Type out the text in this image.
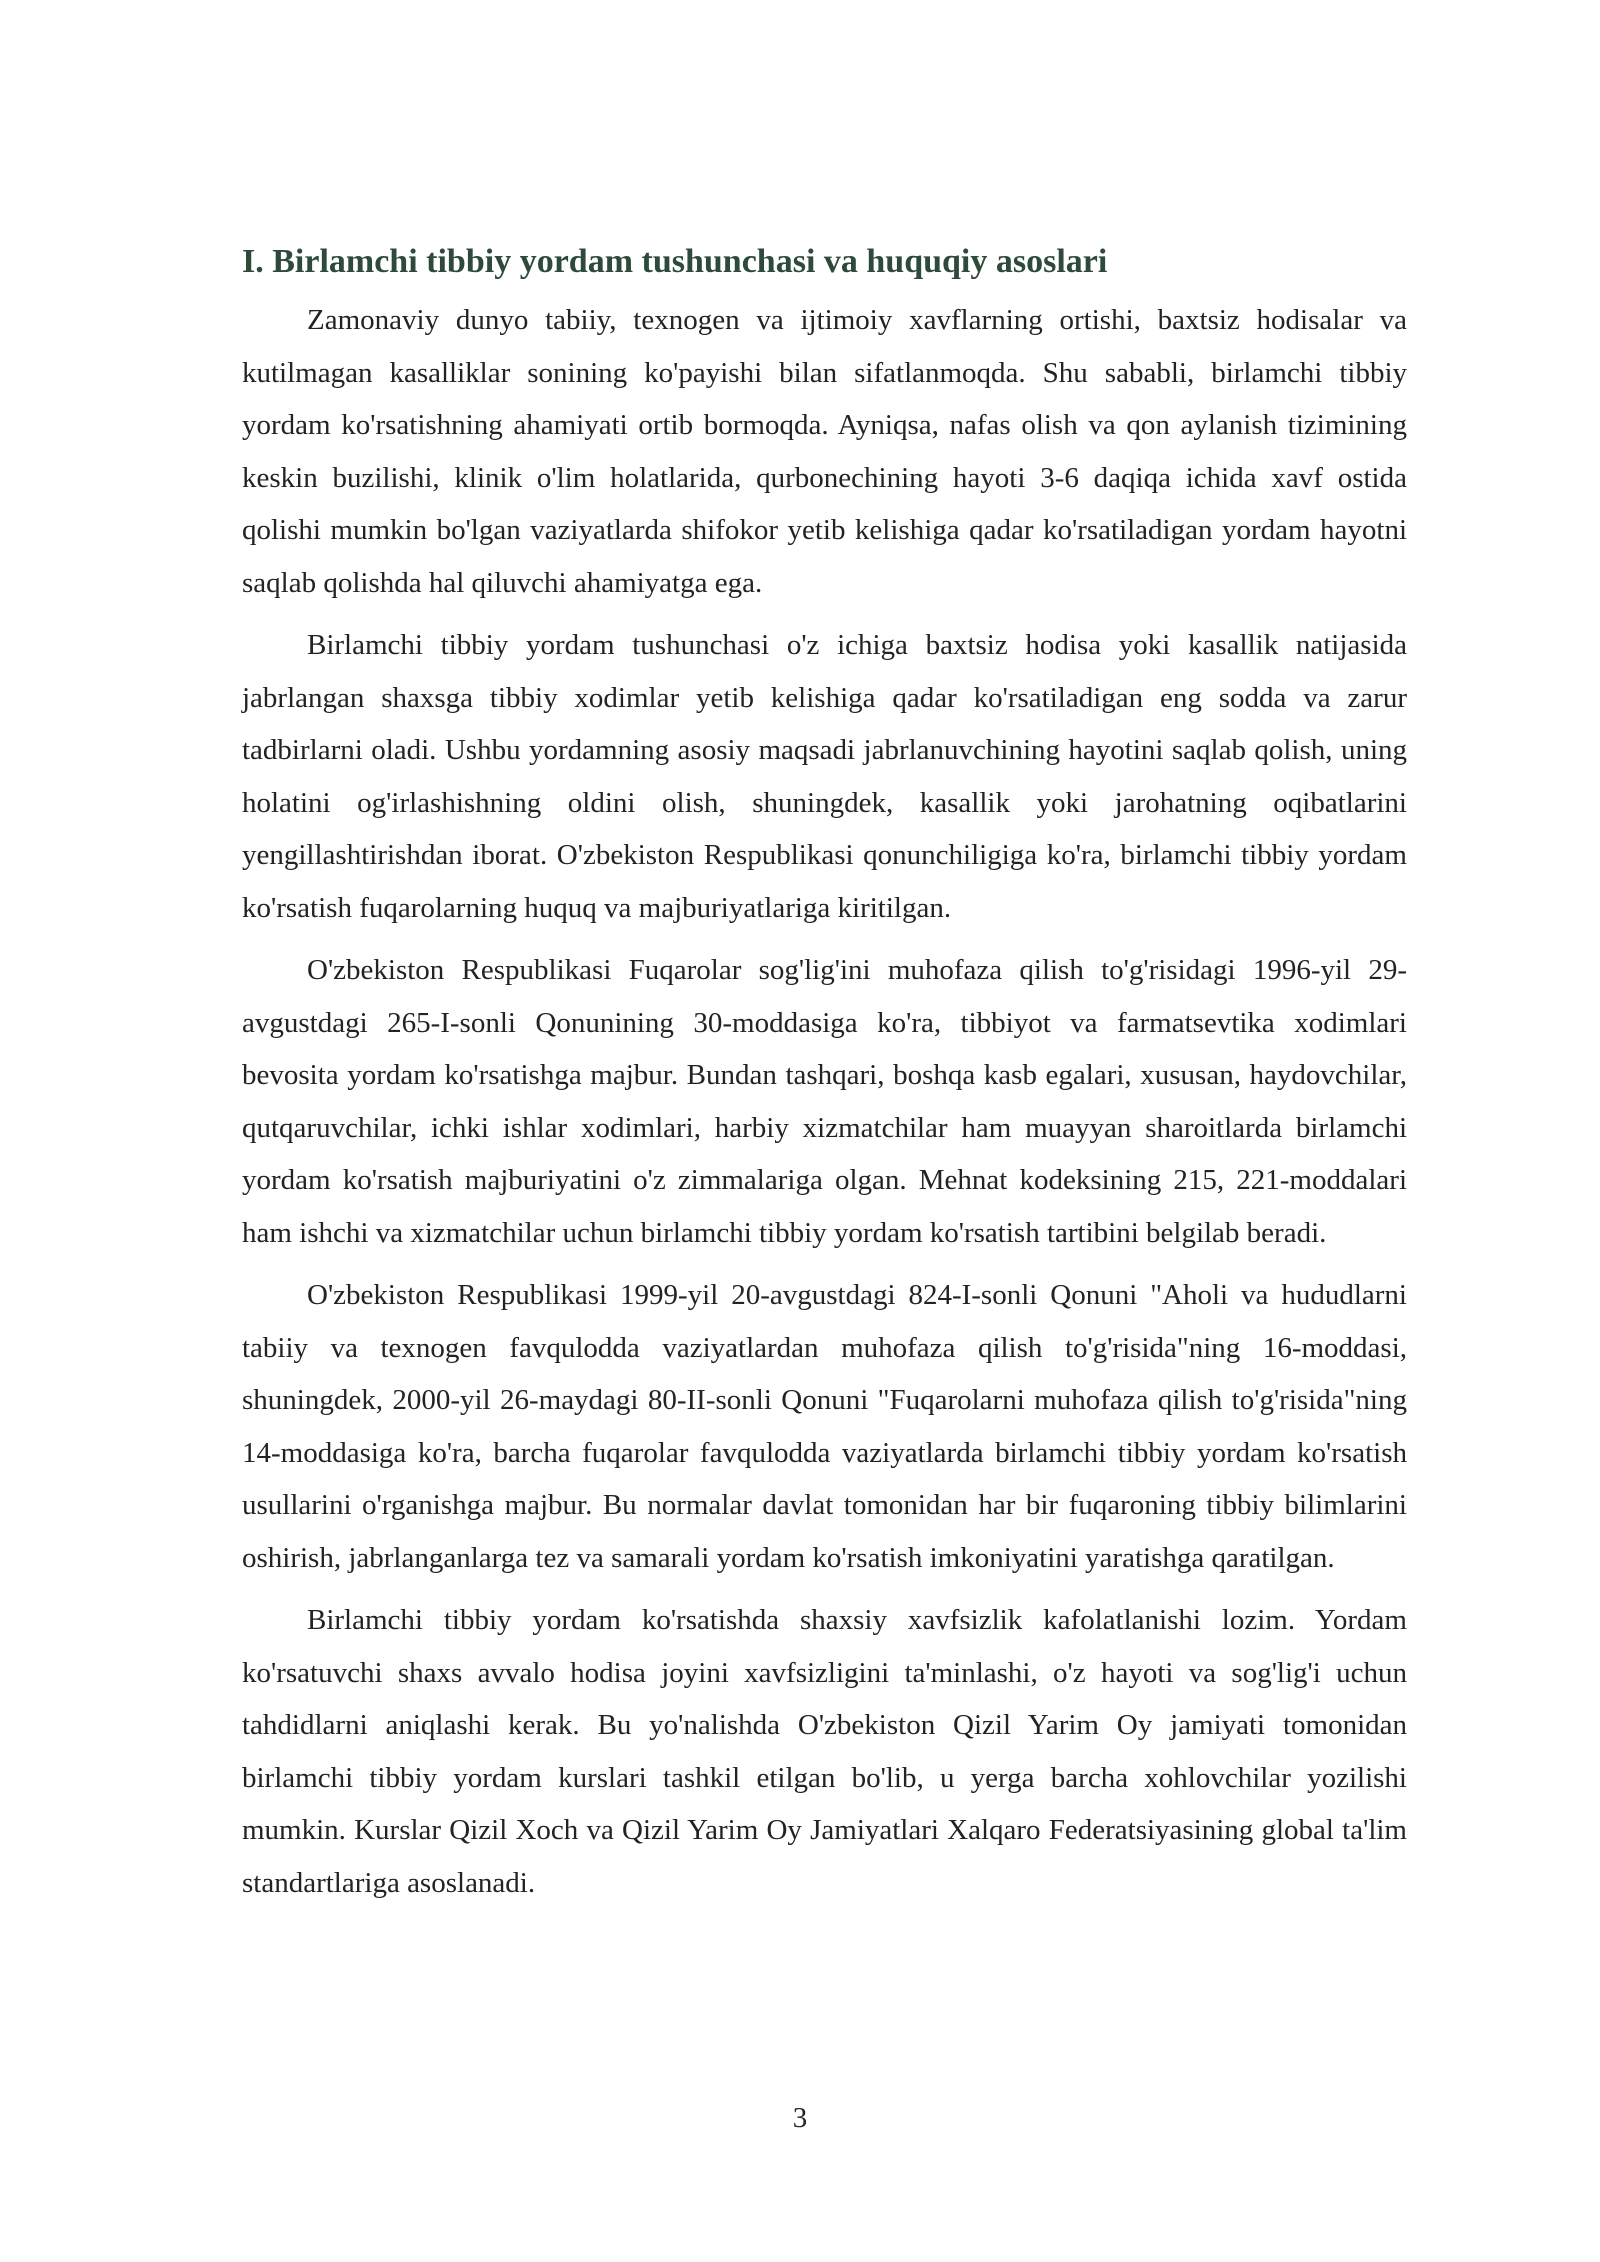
I. Birlamchi tibbiy yordam tushunchasi va huquqiy asoslari

Zamonaviy dunyo tabiiy, texnogen va ijtimoiy xavflarning ortishi, baxtsiz hodisalar va kutilmagan kasalliklar sonining ko'payishi bilan sifatlanmoqda. Shu sababli, birlamchi tibbiy yordam ko'rsatishning ahamiyati ortib bormoqda. Ayniqsa, nafas olish va qon aylanish tizimining keskin buzilishi, klinik o'lim holatlarida, qurbonechining hayoti 3-6 daqiqa ichida xavf ostida qolishi mumkin bo'lgan vaziyatlarda shifokor yetib kelishiga qadar ko'rsatiladigan yordam hayotni saqlab qolishda hal qiluvchi ahamiyatga ega.

Birlamchi tibbiy yordam tushunchasi o'z ichiga baxtsiz hodisa yoki kasallik natijasida jabrlangan shaxsga tibbiy xodimlar yetib kelishiga qadar ko'rsatiladigan eng sodda va zarur tadbirlarni oladi. Ushbu yordamning asosiy maqsadi jabrlanuvchining hayotini saqlab qolish, uning holatini og'irlashishning oldini olish, shuningdek, kasallik yoki jarohatning oqibatlarini yengillashtirishdan iborat. O'zbekiston Respublikasi qonunchiligiga ko'ra, birlamchi tibbiy yordam ko'rsatish fuqarolarning huquq va majburiyatlariga kiritilgan.

O'zbekiston Respublikasi Fuqarolar sog'lig'ini muhofaza qilish to'g'risidagi 1996-yil 29-avgustdagi 265-I-sonli Qonunining 30-moddasiga ko'ra, tibbiyot va farmatsevtika xodimlari bevosita yordam ko'rsatishga majbur. Bundan tashqari, boshqa kasb egalari, xususan, haydovchilar, qutqaruvchilar, ichki ishlar xodimlari, harbiy xizmatchilar ham muayyan sharoitlarda birlamchi yordam ko'rsatish majburiyatini o'z zimmalariga olgan. Mehnat kodeksining 215, 221-moddalari ham ishchi va xizmatchilar uchun birlamchi tibbiy yordam ko'rsatish tartibini belgilab beradi.

O'zbekiston Respublikasi 1999-yil 20-avgustdagi 824-I-sonli Qonuni "Aholi va hududlarni tabiiy va texnogen favqulodda vaziyatlardan muhofaza qilish to'g'risida"ning 16-moddasi, shuningdek, 2000-yil 26-maydagi 80-II-sonli Qonuni "Fuqarolarni muhofaza qilish to'g'risida"ning 14-moddasiga ko'ra, barcha fuqarolar favqulodda vaziyatlarda birlamchi tibbiy yordam ko'rsatish usullarini o'rganishga majbur. Bu normalar davlat tomonidan har bir fuqaroning tibbiy bilimlarini oshirish, jabrlanganlarga tez va samarali yordam ko'rsatish imkoniyatini yaratishga qaratilgan.

Birlamchi tibbiy yordam ko'rsatishda shaxsiy xavfsizlik kafolatlanishi lozim. Yordam ko'rsatuvchi shaxs avvalo hodisa joyini xavfsizligini ta'minlashi, o'z hayoti va sog'lig'i uchun tahdidlarni aniqlashi kerak. Bu yo'nalishda O'zbekiston Qizil Yarim Oy jamiyati tomonidan birlamchi tibbiy yordam kurslari tashkil etilgan bo'lib, u yerga barcha xohlovchilar yozilishi mumkin. Kurslar Qizil Xoch va Qizil Yarim Oy Jamiyatlari Xalqaro Federatsiyasining global ta'lim standartlariga asoslanadi.

3
